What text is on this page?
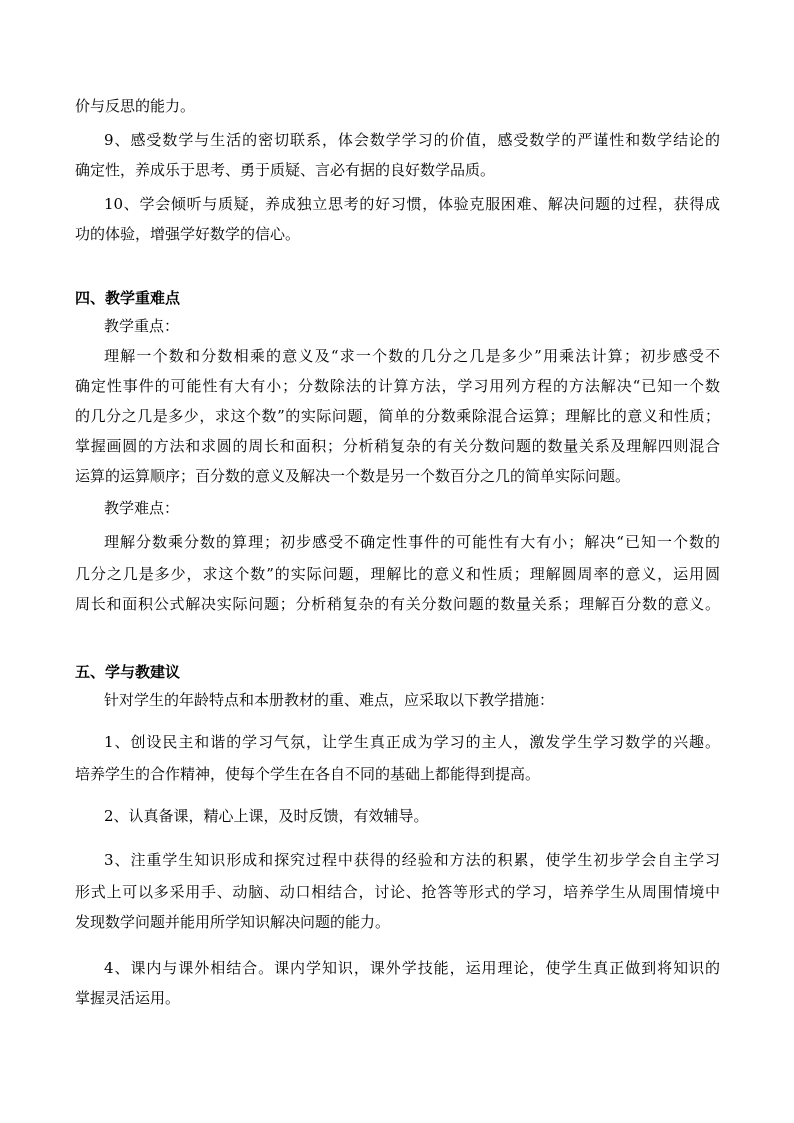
价与反思的能力。
9、感受数学与生活的密切联系，体会数学学习的价值，感受数学的严谨性和数学结论的
确定性，养成乐于思考、勇于质疑、言必有据的良好数学品质。
10、学会倾听与质疑，养成独立思考的好习惯，体验克服困难、解决问题的过程，获得成
功的体验，增强学好数学的信心。
四、教学重难点
教学重点：
理解一个数和分数相乘的意义及“求一个数的几分之几是多少”用乘法计算；初步感受不
确定性事件的可能性有大有小；分数除法的计算方法，学习用列方程的方法解决“已知一个数
的几分之几是多少，求这个数”的实际问题，简单的分数乘除混合运算；理解比的意义和性质；
掌握画圆的方法和求圆的周长和面积；分析稍复杂的有关分数问题的数量关系及理解四则混合
运算的运算顺序；百分数的意义及解决一个数是另一个数百分之几的简单实际问题。
教学难点：
理解分数乘分数的算理；初步感受不确定性事件的可能性有大有小；解决“已知一个数的
几分之几是多少，求这个数”的实际问题，理解比的意义和性质；理解圆周率的意义，运用圆
周长和面积公式解决实际问题；分析稍复杂的有关分数问题的数量关系；理解百分数的意义。
五、学与教建议
针对学生的年龄特点和本册教材的重、难点，应采取以下教学措施：
1、创设民主和谐的学习气氛，让学生真正成为学习的主人，激发学生学习数学的兴趣。
培养学生的合作精神，使每个学生在各自不同的基础上都能得到提高。
2、认真备课，精心上课，及时反馈，有效辅导。
3、注重学生知识形成和探究过程中获得的经验和方法的积累，使学生初步学会自主学习
形式上可以多采用手、动脑、动口相结合，讨论、抢答等形式的学习，培养学生从周围情境中
发现数学问题并能用所学知识解决问题的能力。
4、课内与课外相结合。课内学知识，课外学技能，运用理论，使学生真正做到将知识的
掌握灵活运用。
